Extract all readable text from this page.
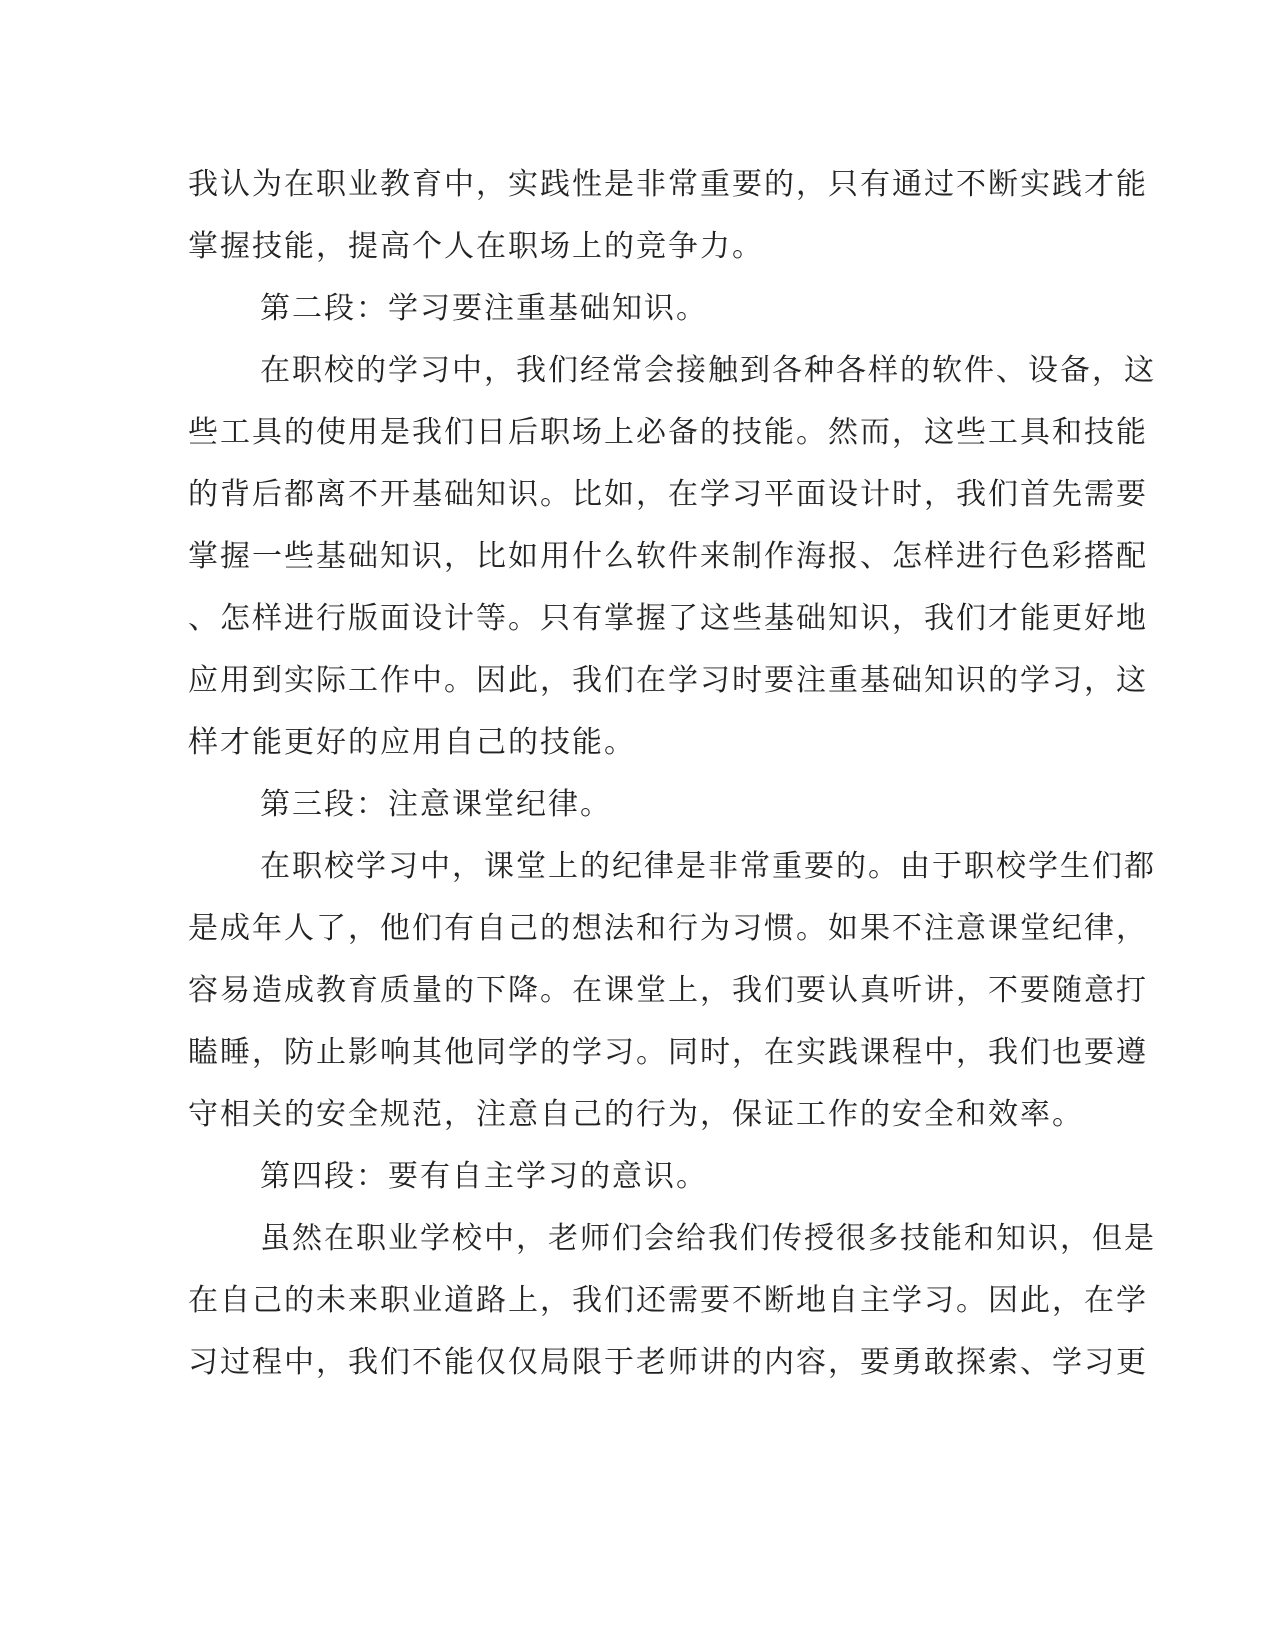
我认为在职业教育中，实践性是非常重要的，只有通过不断实践才能
掌握技能，提高个人在职场上的竞争力。
第二段：学习要注重基础知识。
在职校的学习中，我们经常会接触到各种各样的软件、设备，这
些工具的使用是我们日后职场上必备的技能。然而，这些工具和技能
的背后都离不开基础知识。比如，在学习平面设计时，我们首先需要
掌握一些基础知识，比如用什么软件来制作海报、怎样进行色彩搭配
、怎样进行版面设计等。只有掌握了这些基础知识，我们才能更好地
应用到实际工作中。因此，我们在学习时要注重基础知识的学习，这
样才能更好的应用自己的技能。
第三段：注意课堂纪律。
在职校学习中，课堂上的纪律是非常重要的。由于职校学生们都
是成年人了，他们有自己的想法和行为习惯。如果不注意课堂纪律，
容易造成教育质量的下降。在课堂上，我们要认真听讲，不要随意打
瞌睡，防止影响其他同学的学习。同时，在实践课程中，我们也要遵
守相关的安全规范，注意自己的行为，保证工作的安全和效率。
第四段：要有自主学习的意识。
虽然在职业学校中，老师们会给我们传授很多技能和知识，但是
在自己的未来职业道路上，我们还需要不断地自主学习。因此，在学
习过程中，我们不能仅仅局限于老师讲的内容，要勇敢探索、学习更
